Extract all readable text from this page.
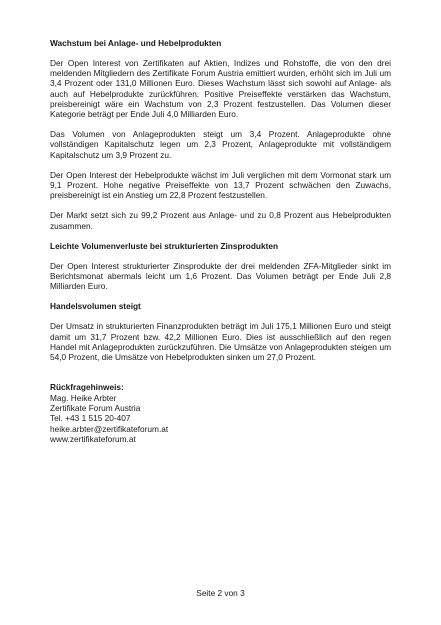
Wachstum bei Anlage- und Hebelprodukten

Der Open Interest von Zertifikaten auf Aktien, Indizes und Rohstoffe, die von den drei meldenden Mitgliedern des Zertifikate Forum Austria emittiert wurden, erhöht sich im Juli um 3,4 Prozent oder 131,0 Millionen Euro. Dieses Wachstum lässt sich sowohl auf Anlage- als auch auf Hebelprodukte zurückführen. Positive Preiseffekte verstärken das Wachstum, preisbereinigt wäre ein Wachstum von 2,3 Prozent festzustellen. Das Volumen dieser Kategorie beträgt per Ende Juli 4,0 Milliarden Euro.

Das Volumen von Anlageprodukten steigt um 3,4 Prozent. Anlageprodukte ohne vollständigen Kapitalschutz legen um 2,3 Prozent, Anlageprodukte mit vollständigem Kapitalschutz um 3,9 Prozent zu.

Der Open Interest der Hebelprodukte wächst im Juli verglichen mit dem Vormonat stark um 9,1 Prozent. Hohe negative Preiseffekte von 13,7 Prozent schwächen den Zuwachs, preisbereinigt ist ein Anstieg um 22,8 Prozent festzustellen.

Der Markt setzt sich zu 99,2 Prozent aus Anlage- und zu 0,8 Prozent aus Hebelprodukten zusammen.

Leichte Volumenverluste bei strukturierten Zinsprodukten

Der Open Interest strukturierter Zinsprodukte der drei meldenden ZFA-Mitglieder sinkt im Berichtsmonat abermals leicht um 1,6 Prozent. Das Volumen beträgt per Ende Juli 2,8 Milliarden Euro.

Handelsvolumen steigt

Der Umsatz in strukturierten Finanzprodukten beträgt im Juli 175,1 Millionen Euro und steigt damit um 31,7 Prozent bzw. 42,2 Millionen Euro. Dies ist ausschließlich auf den regen Handel mit Anlageprodukten zurückzuführen. Die Umsätze von Anlageprodukten steigen um 54,0 Prozent, die Umsätze von Hebelprodukten sinken um 27,0 Prozent.

Rückfragehinweis:
Mag. Heike Arbter
Zertifikate Forum Austria
Tel. +43 1 515 20-407
heike.arbter@zertifikateforum.at
www.zertifikateforum.at
Seite 2 von 3
